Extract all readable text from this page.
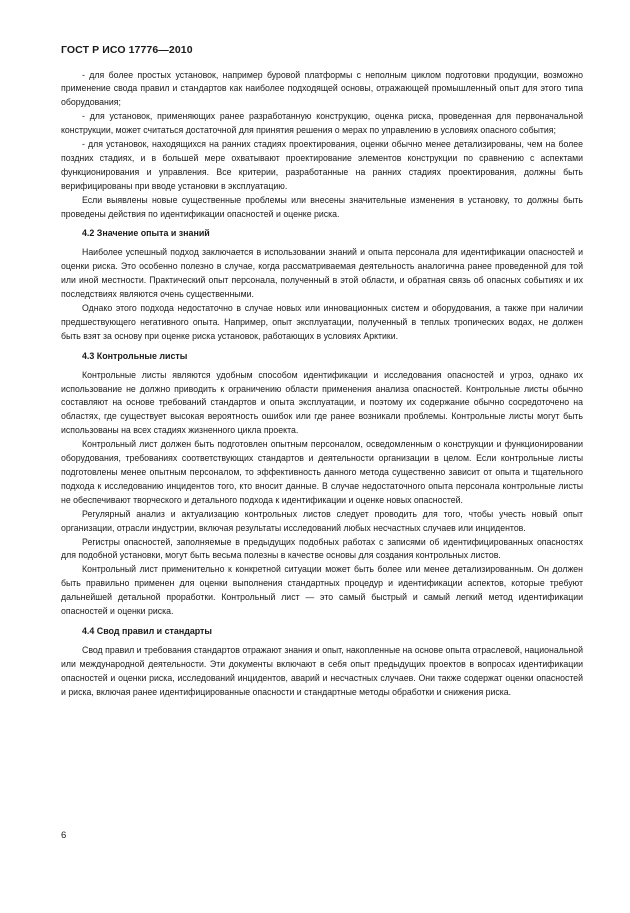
ГОСТ Р ИСО 17776—2010

- для более простых установок, например буровой платформы с неполным циклом подготовки продукции, возможно применение свода правил и стандартов как наиболее подходящей основы, отражающей промышленный опыт для этого типа оборудования;

- для установок, применяющих ранее разработанную конструкцию, оценка риска, проведенная для первоначальной конструкции, может считаться достаточной для принятия решения о мерах по управлению в условиях опасного события;

- для установок, находящихся на ранних стадиях проектирования, оценки обычно менее детализированы, чем на более поздних стадиях, и в большей мере охватывают проектирование элементов конструкции по сравнению с аспектами функционирования и управления. Все критерии, разработанные на ранних стадиях проектирования, должны быть верифицированы при вводе установки в эксплуатацию.

Если выявлены новые существенные проблемы или внесены значительные изменения в установку, то должны быть проведены действия по идентификации опасностей и оценке риска.

4.2 Значение опыта и знаний

Наиболее успешный подход заключается в использовании знаний и опыта персонала для идентификации опасностей и оценки риска. Это особенно полезно в случае, когда рассматриваемая деятельность аналогична ранее проведенной для той или иной местности. Практический опыт персонала, полученный в этой области, и обратная связь об опасных событиях и их последствиях являются очень существенными.

Однако этого подхода недостаточно в случае новых или инновационных систем и оборудования, а также при наличии предшествующего негативного опыта. Например, опыт эксплуатации, полученный в теплых тропических водах, не должен быть взят за основу при оценке риска установок, работающих в условиях Арктики.

4.3 Контрольные листы

Контрольные листы являются удобным способом идентификации и исследования опасностей и угроз, однако их использование не должно приводить к ограничению области применения анализа опасностей. Контрольные листы обычно составляют на основе требований стандартов и опыта эксплуатации, и поэтому их содержание обычно сосредоточено на областях, где существует высокая вероятность ошибок или где ранее возникали проблемы. Контрольные листы могут быть использованы на всех стадиях жизненного цикла проекта.

Контрольный лист должен быть подготовлен опытным персоналом, осведомленным о конструкции и функционировании оборудования, требованиях соответствующих стандартов и деятельности организации в целом. Если контрольные листы подготовлены менее опытным персоналом, то эффективность данного метода существенно зависит от опыта и тщательного подхода к исследованию инцидентов того, кто вносит данные. В случае недостаточного опыта персонала контрольные листы не обеспечивают творческого и детального подхода к идентификации и оценке новых опасностей.

Регулярный анализ и актуализацию контрольных листов следует проводить для того, чтобы учесть новый опыт организации, отрасли индустрии, включая результаты исследований любых несчастных случаев или инцидентов.

Регистры опасностей, заполняемые в предыдущих подобных работах с записями об идентифицированных опасностях для подобной установки, могут быть весьма полезны в качестве основы для создания контрольных листов.

Контрольный лист применительно к конкретной ситуации может быть более или менее детализированным. Он должен быть правильно применен для оценки выполнения стандартных процедур и идентификации аспектов, которые требуют дальнейшей детальной проработки. Контрольный лист — это самый быстрый и самый легкий метод идентификации опасностей и оценки риска.

4.4 Свод правил и стандарты

Свод правил и требования стандартов отражают знания и опыт, накопленные на основе опыта отраслевой, национальной или международной деятельности. Эти документы включают в себя опыт предыдущих проектов в вопросах идентификации опасностей и оценки риска, исследований инцидентов, аварий и несчастных случаев. Они также содержат оценки опасностей и риска, включая ранее идентифицированные опасности и стандартные методы обработки и снижения риска.

6
